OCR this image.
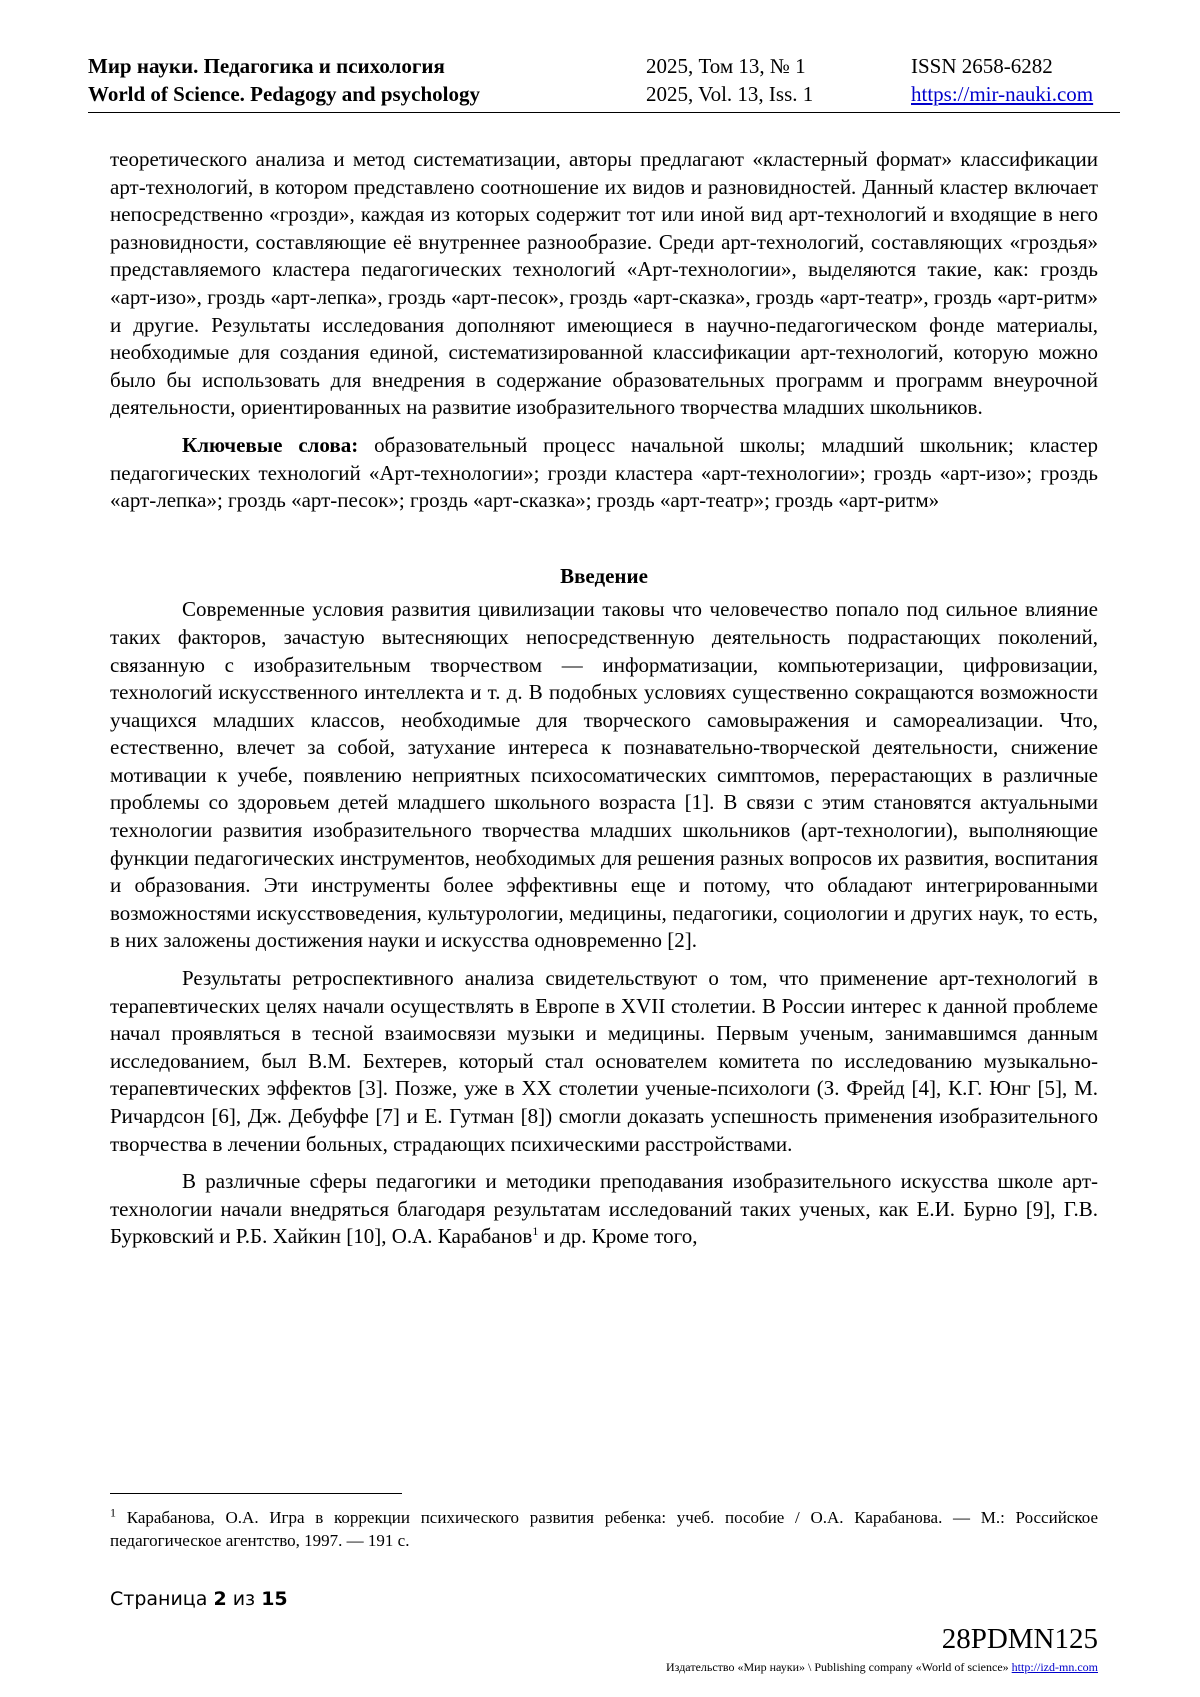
Мир науки. Педагогика и психология
World of Science. Pedagogy and psychology
2025, Том 13, № 1
2025, Vol. 13, Iss. 1
ISSN 2658-6282
https://mir-nauki.com

теоретического анализа и метод систематизации, авторы предлагают «кластерный формат» классификации арт-технологий, в котором представлено соотношение их видов и разновидностей. Данный кластер включает непосредственно «грозди», каждая из которых содержит тот или иной вид арт-технологий и входящие в него разновидности, составляющие её внутреннее разнообразие. Среди арт-технологий, составляющих «гроздья» представляемого кластера педагогических технологий «Арт-технологии», выделяются такие, как: гроздь «арт-изо», гроздь «арт-лепка», гроздь «арт-песок», гроздь «арт-сказка», гроздь «арт-театр», гроздь «арт-ритм» и другие. Результаты исследования дополняют имеющиеся в научно-педагогическом фонде материалы, необходимые для создания единой, систематизированной классификации арт-технологий, которую можно было бы использовать для внедрения в содержание образовательных программ и программ внеурочной деятельности, ориентированных на развитие изобразительного творчества младших школьников.

Ключевые слова: образовательный процесс начальной школы; младший школьник; кластер педагогических технологий «Арт-технологии»; грозди кластера «арт-технологии»; гроздь «арт-изо»; гроздь «арт-лепка»; гроздь «арт-песок»; гроздь «арт-сказка»; гроздь «арт-театр»; гроздь «арт-ритм»

Введение

Современные условия развития цивилизации таковы что человечество попало под сильное влияние таких факторов, зачастую вытесняющих непосредственную деятельность подрастающих поколений, связанную с изобразительным творчеством — информатизации, компьютеризации, цифровизации, технологий искусственного интеллекта и т. д. В подобных условиях существенно сокращаются возможности учащихся младших классов, необходимые для творческого самовыражения и самореализации. Что, естественно, влечет за собой, затухание интереса к познавательно-творческой деятельности, снижение мотивации к учебе, появлению неприятных психосоматических симптомов, перерастающих в различные проблемы со здоровьем детей младшего школьного возраста [1]. В связи с этим становятся актуальными технологии развития изобразительного творчества младших школьников (арт-технологии), выполняющие функции педагогических инструментов, необходимых для решения разных вопросов их развития, воспитания и образования. Эти инструменты более эффективны еще и потому, что обладают интегрированными возможностями искусствоведения, культурологии, медицины, педагогики, социологии и других наук, то есть, в них заложены достижения науки и искусства одновременно [2].

Результаты ретроспективного анализа свидетельствуют о том, что применение арт-технологий в терапевтических целях начали осуществлять в Европе в XVII столетии. В России интерес к данной проблеме начал проявляться в тесной взаимосвязи музыки и медицины. Первым ученым, занимавшимся данным исследованием, был В.М. Бехтерев, который стал основателем комитета по исследованию музыкально-терапевтических эффектов [3]. Позже, уже в XX столетии ученые-психологи (З. Фрейд [4], К.Г. Юнг [5], М. Ричардсон [6], Дж. Дебуффе [7] и Е. Гутман [8]) смогли доказать успешность применения изобразительного творчества в лечении больных, страдающих психическими расстройствами.

В различные сферы педагогики и методики преподавания изобразительного искусства школе арт-технологии начали внедряться благодаря результатам исследований таких ученых, как Е.И. Бурно [9], Г.В. Бурковский и Р.Б. Хайкин [10], О.А. Карабанов$^1$ и др. Кроме того,

$^1$ Карабанова, О.А. Игра в коррекции психического развития ребенка: учеб. пособие / О.А. Карабанова. — М.: Российское педагогическое агентство, 1997. — 191 с.
Страница 2 из 15
28PDMN125
Издательство «Мир науки» \ Publishing company «World of science» http://izd-mn.com
